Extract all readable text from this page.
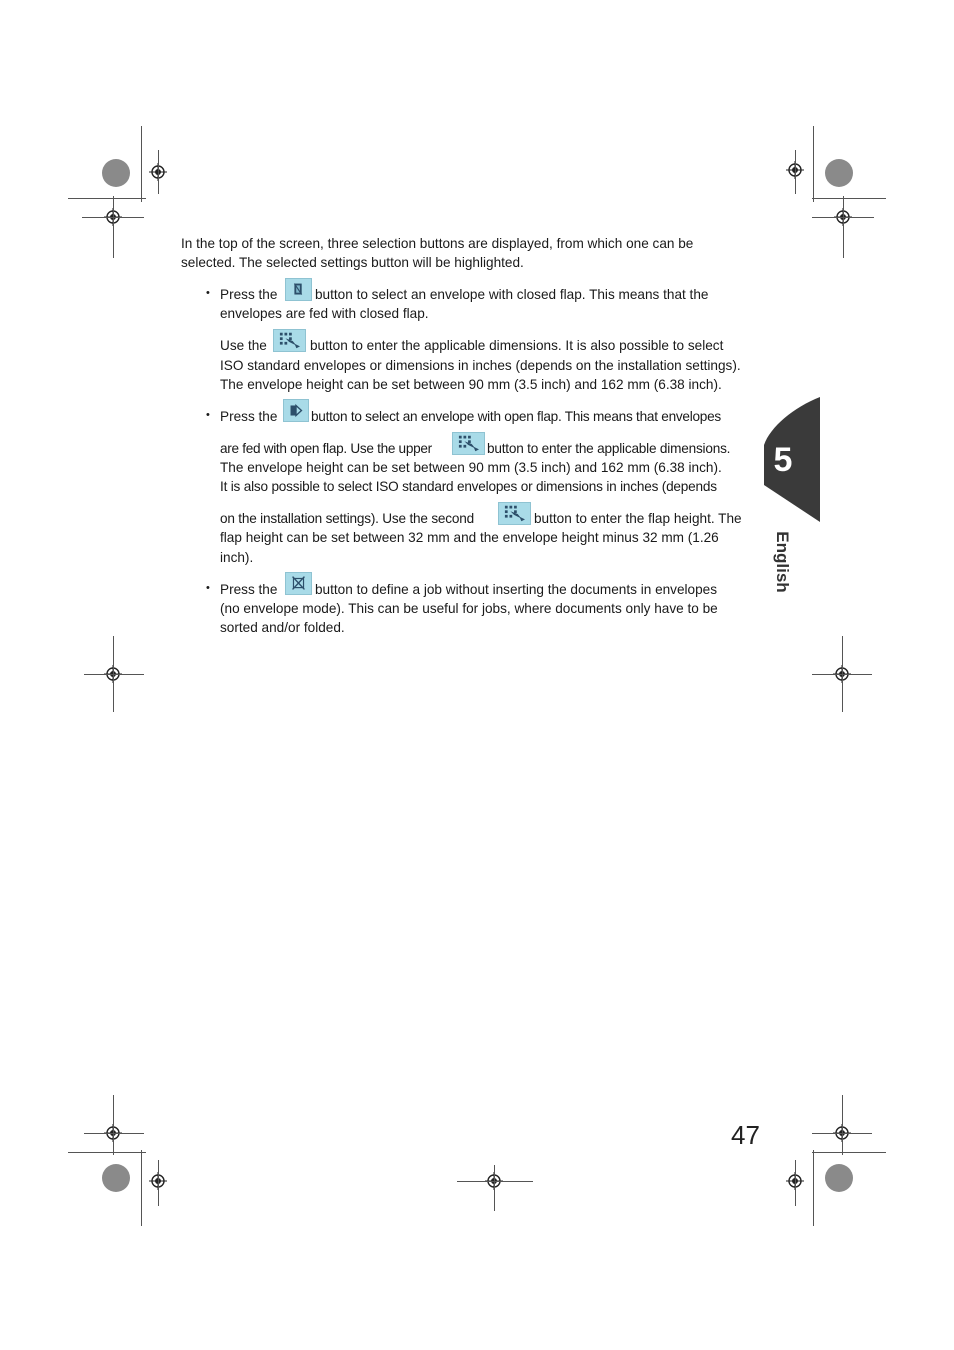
5
English
In the top of the screen, three selection buttons are displayed, from which one can be
selected. The selected settings button will be highlighted.
• Press the	button to select an envelope with closed flap. This means that the
envelopes are fed with closed flap.
Use the	button to enter the applicable dimensions. It is also possible to select
ISO standard envelopes or dimensions in inches (depends on the installation settings).
The envelope height can be set between 90 mm (3.5 inch) and 162 mm (6.38 inch).
• Press the button to select an envelope with open flap. This means that envelopes
are fed with open flap. Use the upper	button to enter the applicable dimensions.
The envelope height can be set between 90 mm (3.5 inch) and 162 mm (6.38 inch).
It is also possible to select ISO standard envelopes or dimensions in inches (depends
on the installation settings). Use the second	button to enter the flap height. The
flap height can be set between 32 mm and the envelope height minus 32 mm (1.26
inch).
• Press the	button to define a job without inserting the documents in envelopes
(no envelope mode). This can be useful for jobs, where documents only have to be
sorted and/or folded.
47
